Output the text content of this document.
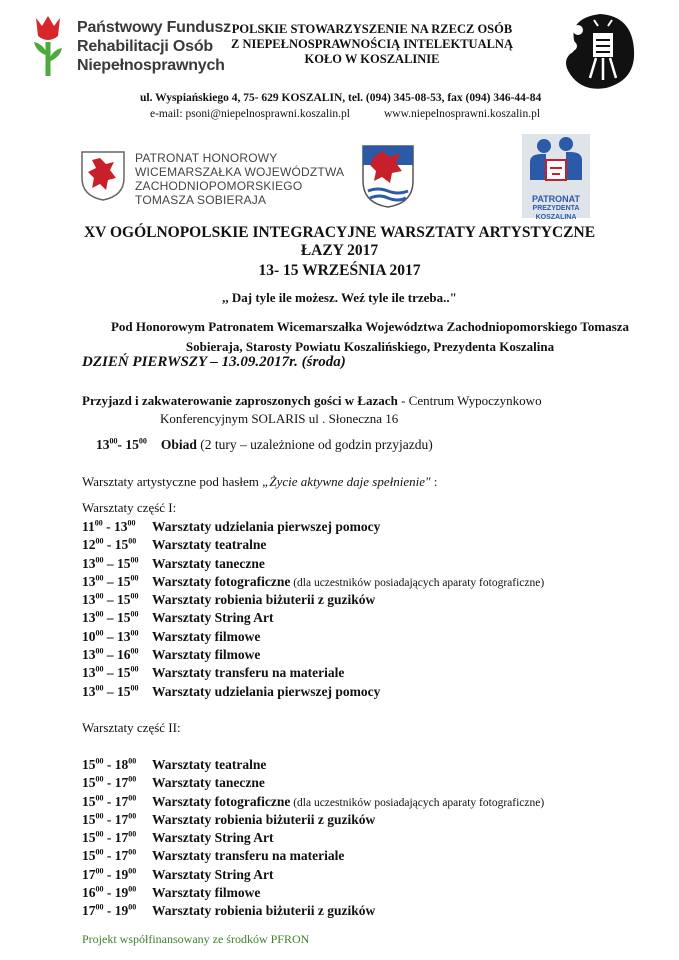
Państwowy Fundusz
Rehabilitacji Osób
Niepełnosprawnych
POLSKIE STOWARZYSZENIE NA RZECZ OSÓB
Z NIEPEŁNOSPRAWNOŚCIĄ INTELEKTUALNĄ
KOŁO W KOSZALINIE
ul. Wyspiańskiego 4, 75- 629 KOSZALIN, tel. (094) 345-08-53, fax (094) 346-44-84
e-mail: psoni@niepelnosprawni.koszalin.pl	www.niepelnosprawni.koszalin.pl
PATRONAT HONOROWY
WICEMARSZAŁKA WOJEWÓDZTWA
ZACHODNIOPOMORSKIEGO
TOMASZA SOBIERAJA	PATRONAT
PREZYDENTA
KOSZALINA
XV OGÓLNOPOLSKIE INTEGRACYJNE WARSZTATY ARTYSTYCZNE
ŁAZY 2017
13- 15 WRZEŚNIA 2017
,, Daj tyle ile możesz. Weź tyle ile trzeba.."
Pod Honorowym Patronatem Wicemarszałka Województwa Zachodniopomorskiego Tomasza
Sobieraja, Starosty Powiatu Koszalińskiego, Prezydenta Koszalina
DZIEŃ PIERWSZY – 13.09.2017r. (środa)
Przyjazd i zakwaterowanie zaproszonych gości w Łazach - Centrum Wypoczynkowo
Konferencyjnym SOLARIS ul . Słoneczna 16
$13^{00}-$ $15^{00}$ Obiad (2 tury – uzależnione od godzin przyjazdu)
Warsztaty artystyczne pod hasłem „Życie aktywne daje spełnienie" :
Warsztaty część I:
$11^{00} - 13^{00}$ Warsztaty udzielania pierwszej pomocy
$12^{00} - 15^{00}$ Warsztaty teatralne
$13^{00} - 15^{00}$ Warsztaty taneczne
$13^{00} - 15^{00}$ Warsztaty fotograficzne (dla uczestników posiadających aparaty fotograficzne)
$13^{00} - 15^{00}$ Warsztaty robienia biżuterii z guzików
$13^{00} - 15^{00}$ Warsztaty String Art
$10^{00} - 13^{00}$ Warsztaty filmowe
$13^{00} - 16^{00}$ Warsztaty filmowe
$13^{00} - 15^{00}$ Warsztaty transferu na materiale
$13^{00} - 15^{00}$ Warsztaty udzielania pierwszej pomocy
Warsztaty część II:
$15^{00} - 18^{00}$ Warsztaty teatralne
$15^{00} - 17^{00}$ Warsztaty taneczne
$15^{00} - 17^{00}$ Warsztaty fotograficzne (dla uczestników posiadających aparaty fotograficzne)
$15^{00} - 17^{00}$ Warsztaty robienia biżuterii z guzików
$15^{00} - 17^{00}$ Warsztaty String Art
$15^{00} - 17^{00}$ Warsztaty transferu na materiale
$17^{00} - 19^{00}$ Warsztaty String Art
$16^{00} - 19^{00}$ Warsztaty filmowe
$17^{00} - 19^{00}$ Warsztaty robienia biżuterii z guzików
Projekt współfinansowany ze środków PFRON
